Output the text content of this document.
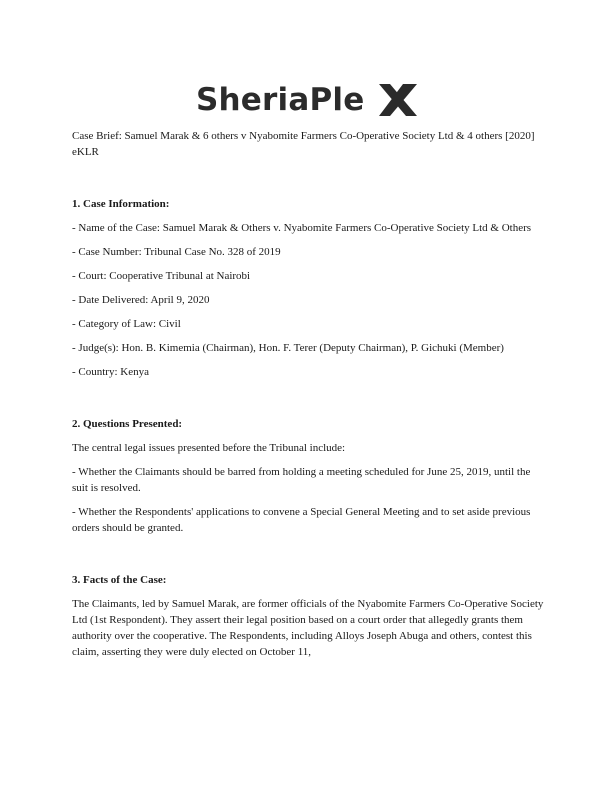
SheriaPle

Case Brief: Samuel Marak & 6 others v Nyabomite Farmers Co-Operative Society Ltd & 4 others [2020] eKLR

1. Case Information:

- Name of the Case: Samuel Marak & Others v. Nyabomite Farmers Co-Operative Society Ltd & Others

- Case Number: Tribunal Case No. 328 of 2019

- Court: Cooperative Tribunal at Nairobi

- Date Delivered: April 9, 2020

- Category of Law: Civil

- Judge(s): Hon. B. Kimemia (Chairman), Hon. F. Terer (Deputy Chairman), P. Gichuki (Member)

- Country: Kenya

2. Questions Presented:

The central legal issues presented before the Tribunal include:

- Whether the Claimants should be barred from holding a meeting scheduled for June 25, 2019, until the suit is resolved.

- Whether the Respondents' applications to convene a Special General Meeting and to set aside previous orders should be granted.

3. Facts of the Case:

The Claimants, led by Samuel Marak, are former officials of the Nyabomite Farmers Co-Operative Society Ltd (1st Respondent). They assert their legal position based on a court order that allegedly grants them authority over the cooperative. The Respondents, including Alloys Joseph Abuga and others, contest this claim, asserting they were duly elected on October 11,
